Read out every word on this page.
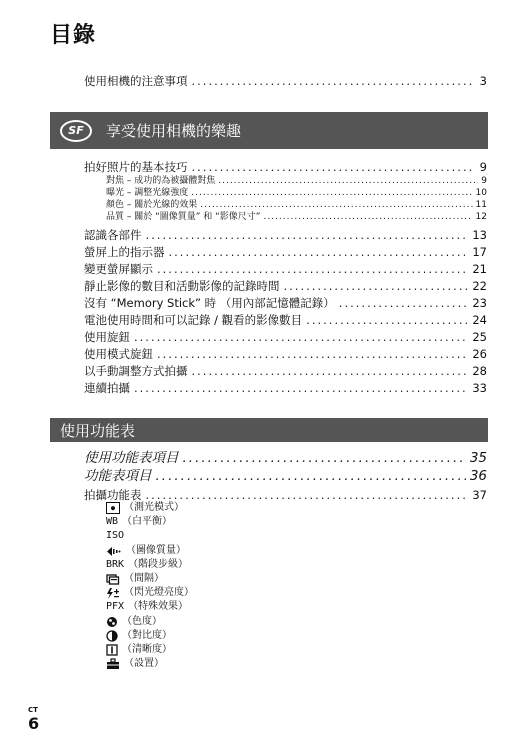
目錄
使用相機的注意事項 .....	3
SF	享受使用相機的樂趣
拍好照片的基本技巧 .....	9
對焦 – 成功的為被攝體對焦 .....	9
曝光 – 調整光線強度 .....	10
顏色 – 關於光線的效果 .....	11
品質 – 關於 “圖像質量” 和 “影像尺寸” .....	12
認識各部件 .....	13
螢屏上的指示器 .....	17
變更螢屏顯示 .....	21
靜止影像的數目和活動影像的記錄時間 .....	22
沒有 “Memory Stick” 時 （用內部記憶體記錄） .....	23
電池使用時間和可以記錄 / 觀看的影像數目 .....	24
使用旋鈕 .....	25
使用模式旋鈕 .....	26
以手動調整方式拍攝 .....	28
連續拍攝 .....	33
使用功能表
使用功能表項目 .....	35
功能表項目 .....	36
拍攝功能表 .....	37
● （測光模式）
WB （白平衡）
ISO
（圖像質量）
BRK （階段步級）
（間隔）
（閃光燈亮度）
PFX （特殊效果）
（色度）
（對比度）
（清晰度）
（設置）
CT
6
